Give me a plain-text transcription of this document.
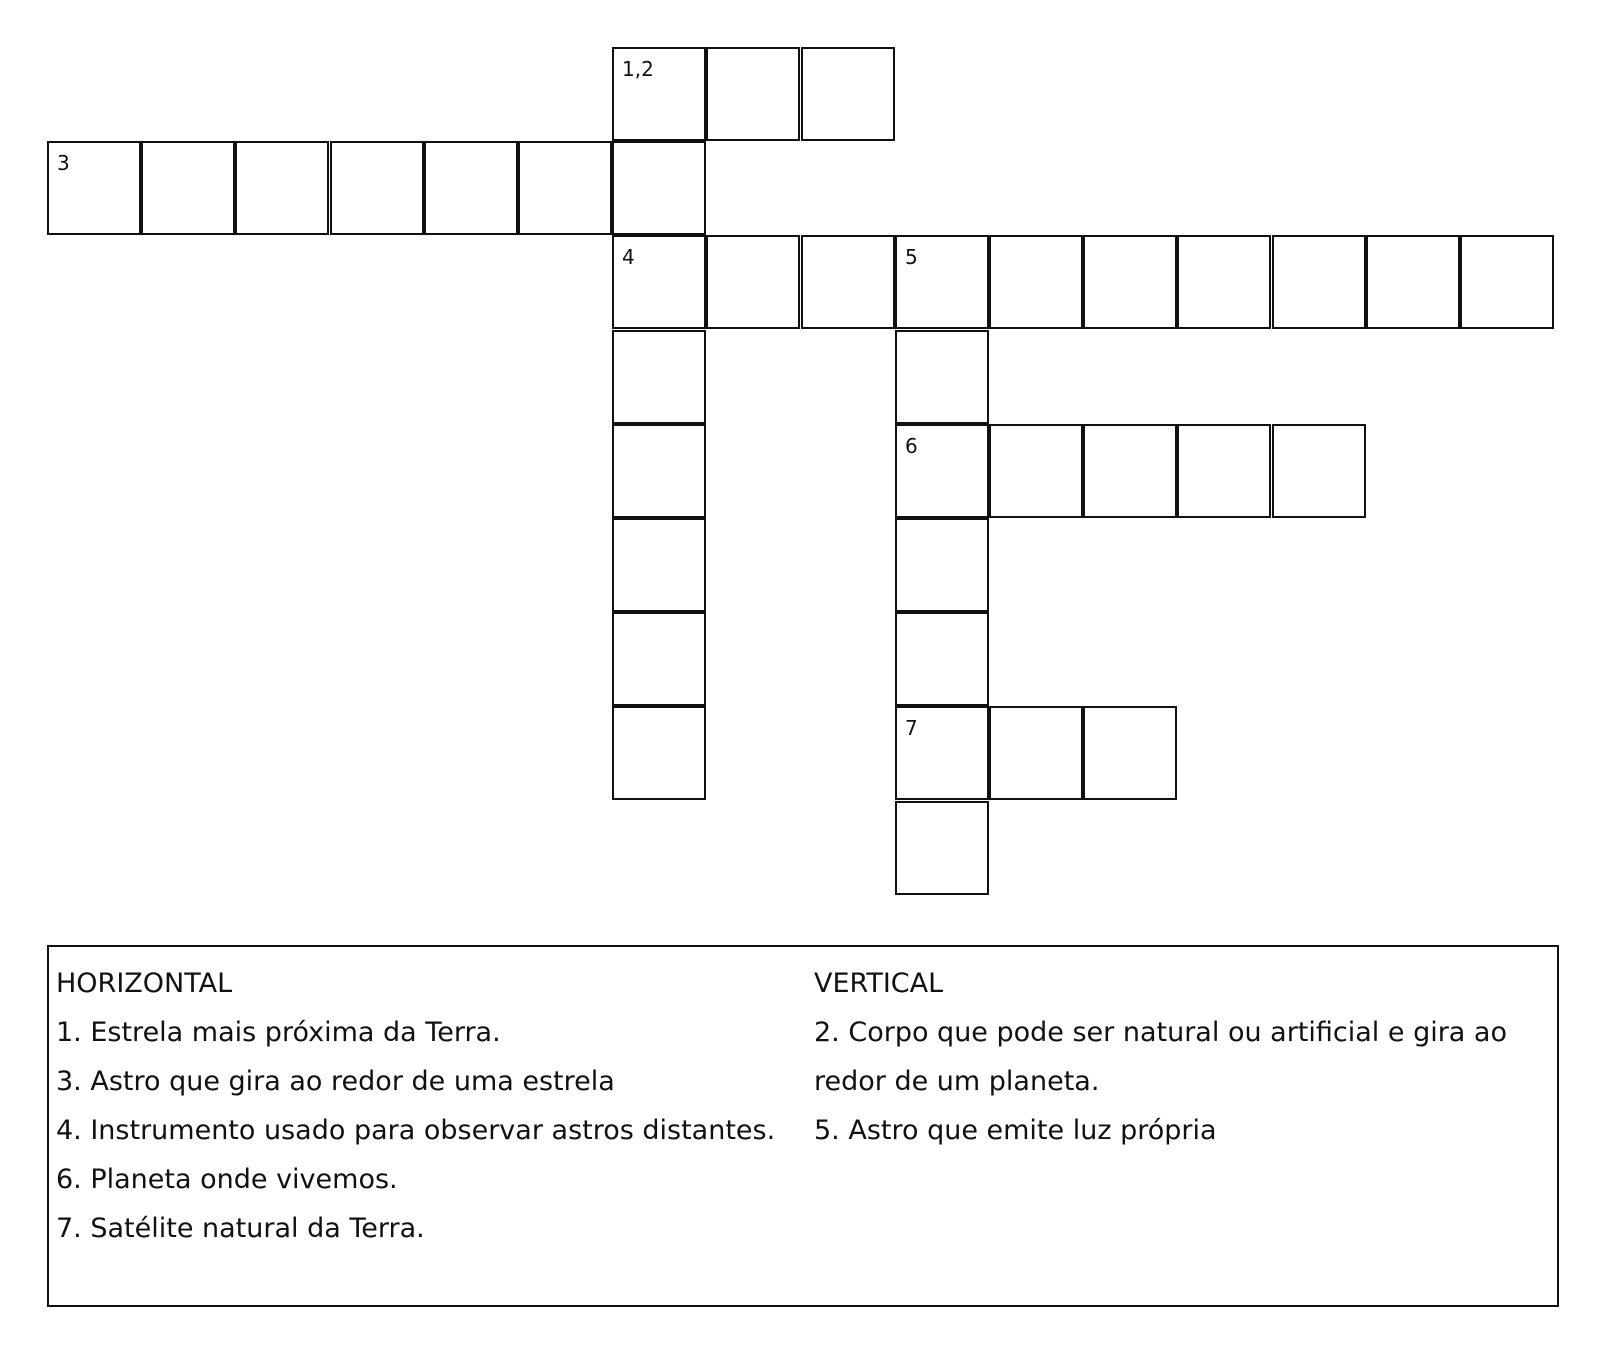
1,2
3
4	5
6
7
HORIZONTAL
1. Estrela mais próxima da Terra.
3. Astro que gira ao redor de uma estrela
4. Instrumento usado para observar astros distantes.
6. Planeta onde vivemos.
7. Satélite natural da Terra.
VERTICAL
2. Corpo que pode ser natural ou artificial e gira ao redor de um planeta.
5. Astro que emite luz própria
